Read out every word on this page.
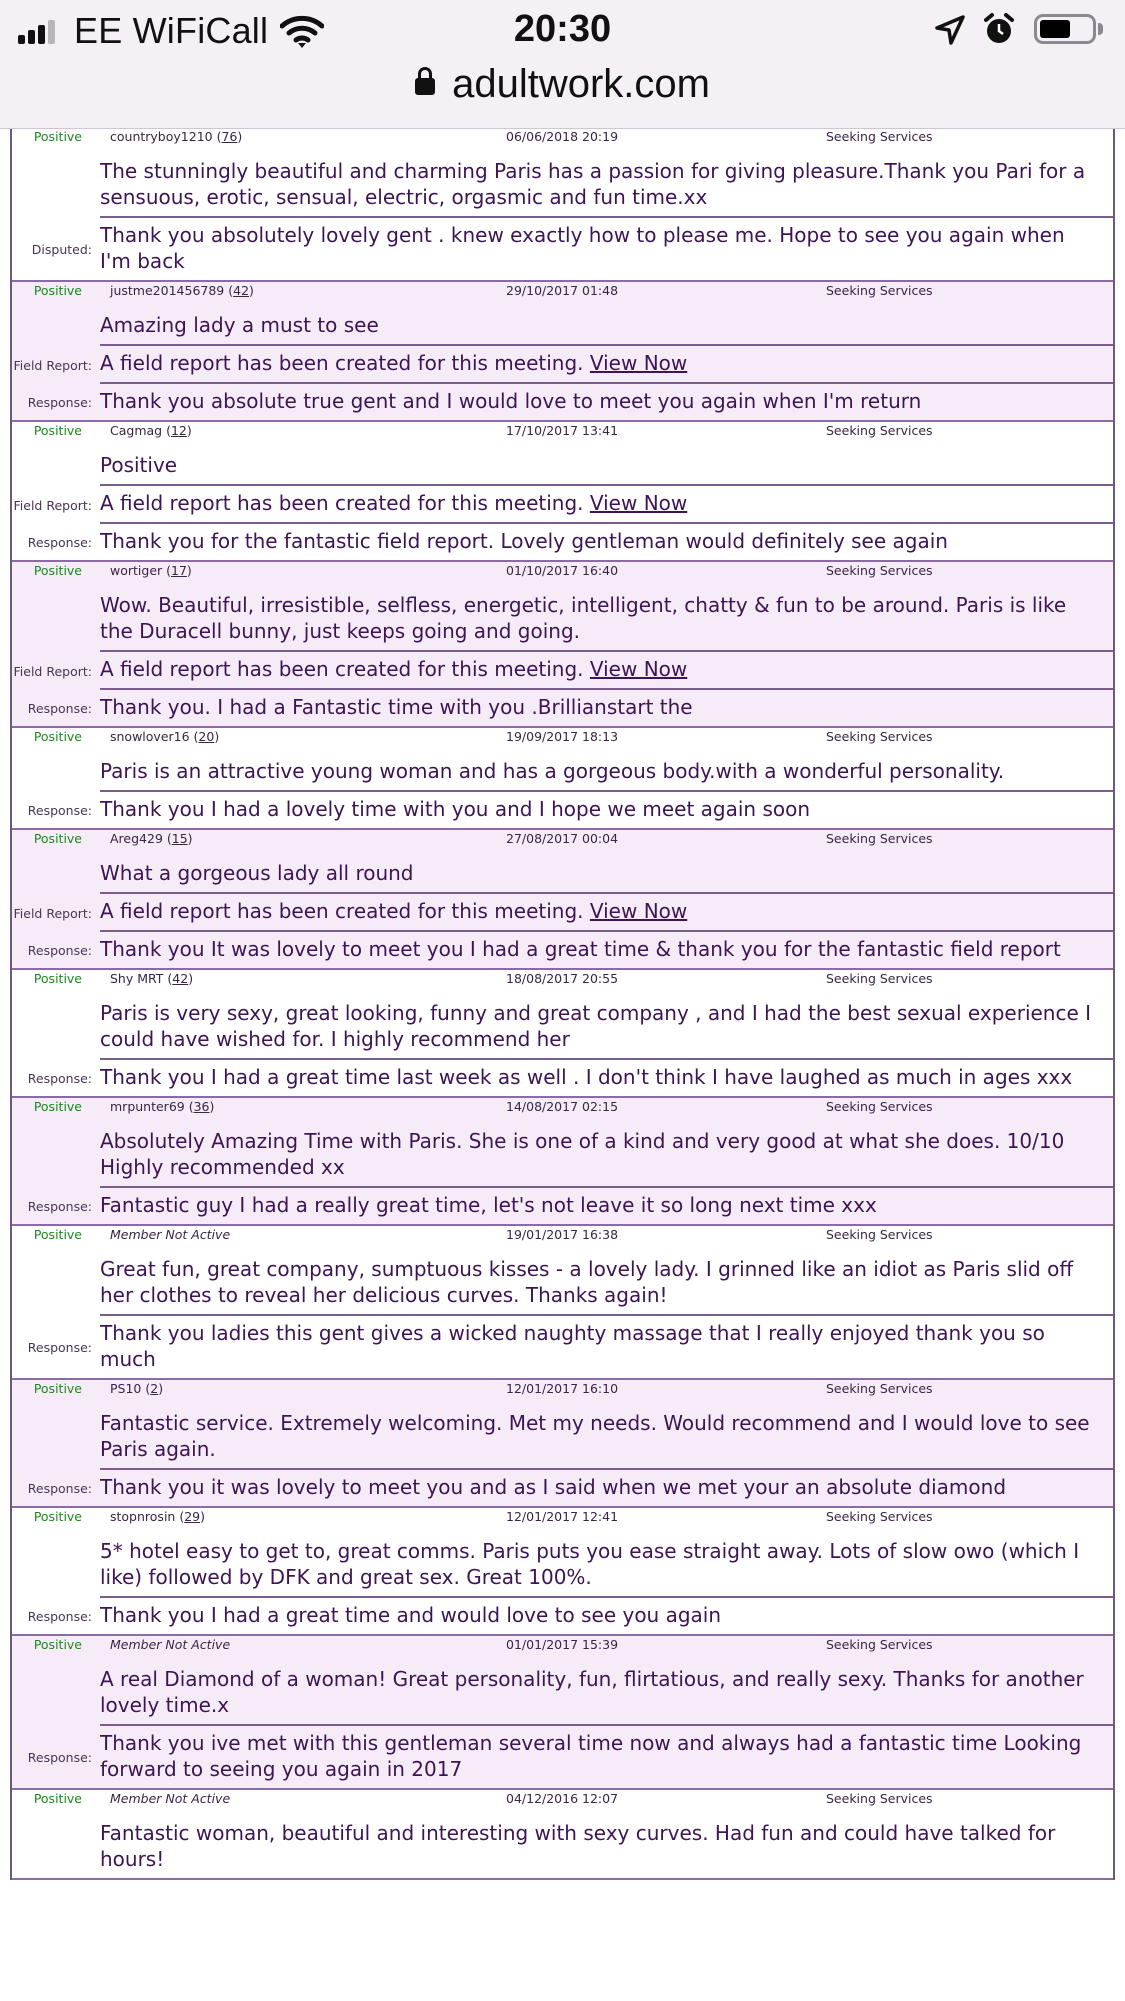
EE WiFiCall	20:30
adultwork.com
Positive countryboy1210 (76)	06/06/2018 20:19	Seeking Services
The stunningly beautiful and charming Paris has a passion for giving pleasure.Thank you Pari for a sensuous, erotic, sensual, electric, orgasmic and fun time.xx
Disputed:
Thank you absolutely lovely gent . knew exactly how to please me. Hope to see you again when I'm back
Positive justme201456789 (42)	29/10/2017 01:48	Seeking Services
Amazing lady a must to see
Field Report: A field report has been created for this meeting. View Now
Response: Thank you absolute true gent and I would love to meet you again when I'm return
Positive Cagmag (12)	17/10/2017 13:41	Seeking Services
Positive
Field Report: A field report has been created for this meeting. View Now
Response: Thank you for the fantastic field report. Lovely gentleman would definitely see again
Positive wortiger (17)	01/10/2017 16:40	Seeking Services
Wow. Beautiful, irresistible, selfless, energetic, intelligent, chatty & fun to be around. Paris is like the Duracell bunny, just keeps going and going.
Field Report: A field report has been created for this meeting. View Now
Response: Thank you. I had a Fantastic time with you .Brillianstart the
Positive snowlover16 (20)	19/09/2017 18:13	Seeking Services
Paris is an attractive young woman and has a gorgeous body.with a wonderful personality.
Response: Thank you I had a lovely time with you and I hope we meet again soon
Positive Areg429 (15)	27/08/2017 00:04	Seeking Services
What a gorgeous lady all round
Field Report: A field report has been created for this meeting. View Now
Response: Thank you It was lovely to meet you I had a great time & thank you for the fantastic field report
Positive Shy MRT (42)	18/08/2017 20:55	Seeking Services
Paris is very sexy, great looking, funny and great company , and I had the best sexual experience I could have wished for. I highly recommend her
Response: Thank you I had a great time last week as well . I don't think I have laughed as much in ages xxx
Positive mrpunter69 (36)	14/08/2017 02:15	Seeking Services
Absolutely Amazing Time with Paris. She is one of a kind and very good at what she does. 10/10 Highly recommended xx
Response: Fantastic guy I had a really great time, let's not leave it so long next time xxx
Positive Member Not Active	19/01/2017 16:38	Seeking Services
Great fun, great company, sumptuous kisses - a lovely lady. I grinned like an idiot as Paris slid off her clothes to reveal her delicious curves. Thanks again!
Response:
Thank you ladies this gent gives a wicked naughty massage that I really enjoyed thank you so much
Positive PS10 (2)	12/01/2017 16:10	Seeking Services
Fantastic service. Extremely welcoming. Met my needs. Would recommend and I would love to see Paris again.
Response: Thank you it was lovely to meet you and as I said when we met your an absolute diamond
Positive stopnrosin (29)	12/01/2017 12:41	Seeking Services
5* hotel easy to get to, great comms. Paris puts you ease straight away. Lots of slow owo (which I like) followed by DFK and great sex. Great 100%.
Response: Thank you I had a great time and would love to see you again
Positive Member Not Active	01/01/2017 15:39	Seeking Services
A real Diamond of a woman! Great personality, fun, flirtatious, and really sexy. Thanks for another lovely time.x
Response:
Thank you ive met with this gentleman several time now and always had a fantastic time Looking forward to seeing you again in 2017
Positive Member Not Active	04/12/2016 12:07	Seeking Services
Fantastic woman, beautiful and interesting with sexy curves. Had fun and could have talked for hours!
